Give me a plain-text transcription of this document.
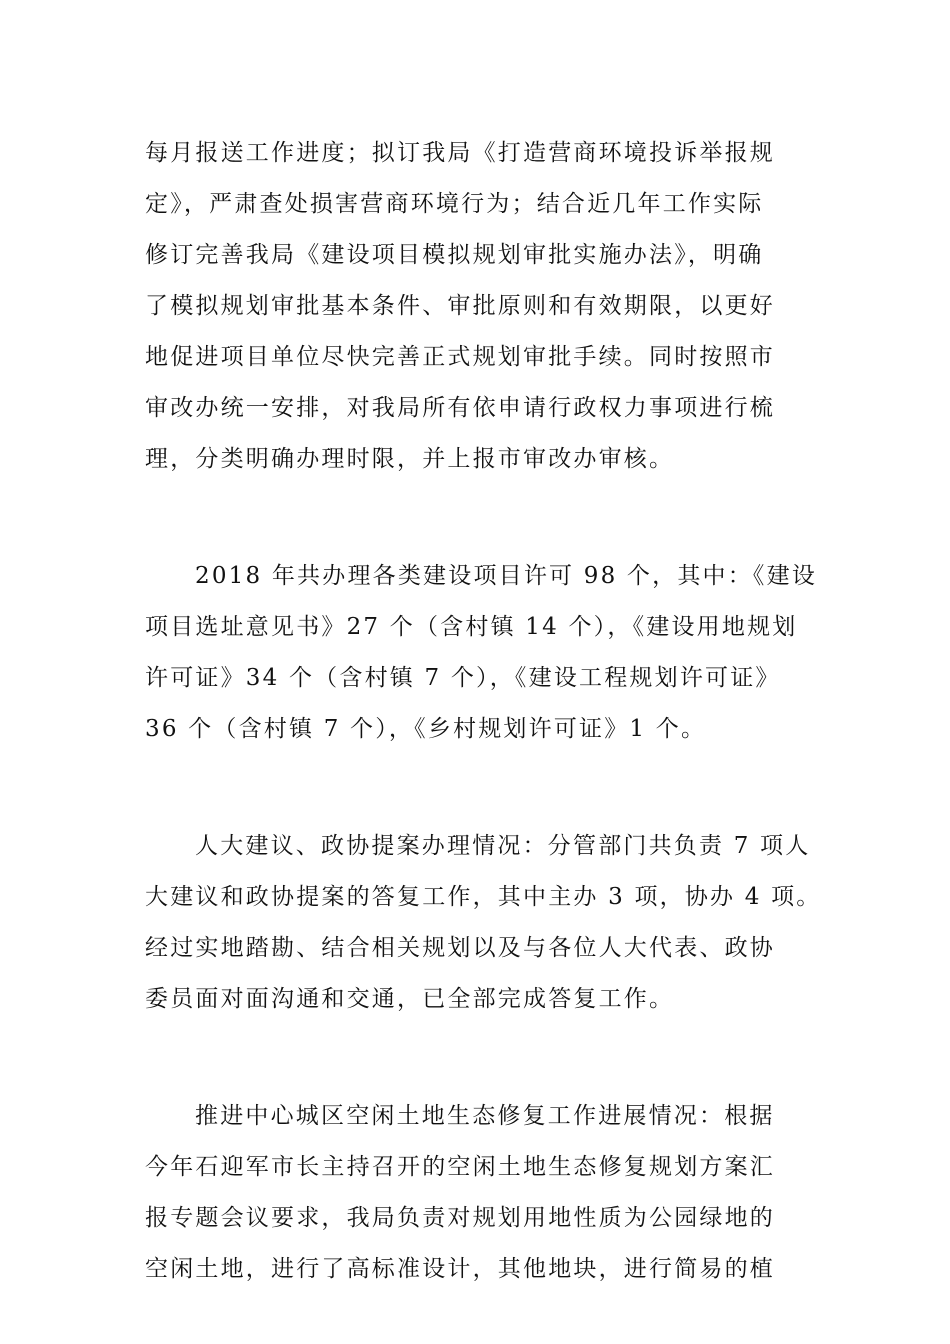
每月报送工作进度；拟订我局《打造营商环境投诉举报规
定》，严肃查处损害营商环境行为；结合近几年工作实际
修订完善我局《建设项目模拟规划审批实施办法》，明确
了模拟规划审批基本条件、审批原则和有效期限，以更好
地促进项目单位尽快完善正式规划审批手续。同时按照市
审改办统一安排，对我局所有依申请行政权力事项进行梳
理，分类明确办理时限，并上报市审改办审核。

2018 年共办理各类建设项目许可 98 个，其中：《建设
项目选址意见书》27 个（含村镇 14 个），《建设用地规划
许可证》34 个（含村镇 7 个），《建设工程规划许可证》
36 个（含村镇 7 个），《乡村规划许可证》1 个。

人大建议、政协提案办理情况：分管部门共负责 7 项人
大建议和政协提案的答复工作，其中主办 3 项，协办 4 项。
经过实地踏勘、结合相关规划以及与各位人大代表、政协
委员面对面沟通和交通，已全部完成答复工作。

推进中心城区空闲土地生态修复工作进展情况：根据
今年石迎军市长主持召开的空闲土地生态修复规划方案汇
报专题会议要求，我局负责对规划用地性质为公园绿地的
空闲土地，进行了高标准设计，其他地块，进行简易的植
